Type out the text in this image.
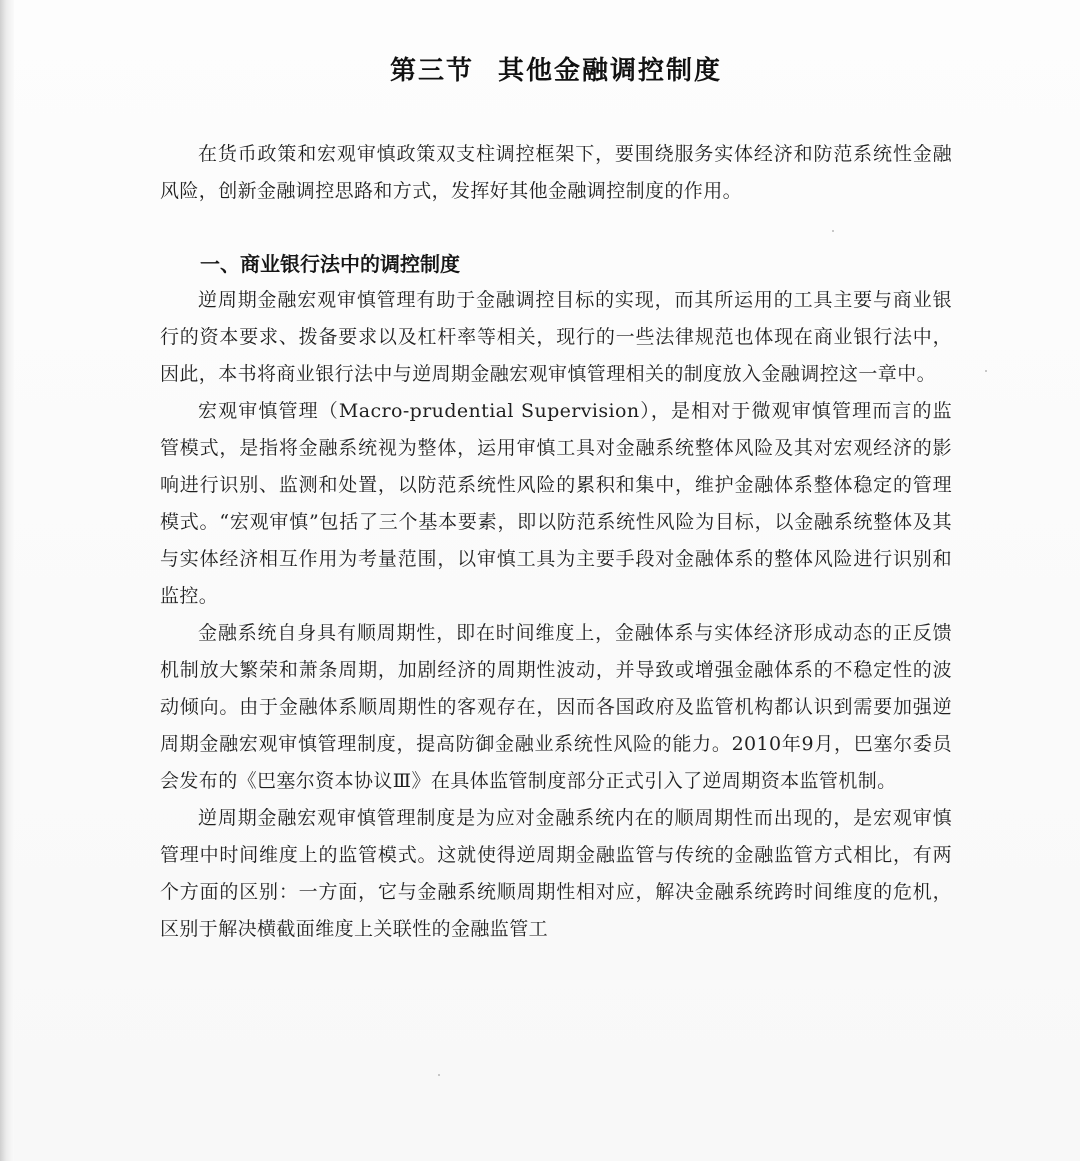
第三节 其他金融调控制度

在货币政策和宏观审慎政策双支柱调控框架下，要围绕服务实体经济和防范系统性金融风险，创新金融调控思路和方式，发挥好其他金融调控制度的作用。

一、商业银行法中的调控制度

逆周期金融宏观审慎管理有助于金融调控目标的实现，而其所运用的工具主要与商业银行的资本要求、拨备要求以及杠杆率等相关，现行的一些法律规范也体现在商业银行法中，因此，本书将商业银行法中与逆周期金融宏观审慎管理相关的制度放入金融调控这一章中。

宏观审慎管理（Macro-prudential Supervision），是相对于微观审慎管理而言的监管模式，是指将金融系统视为整体，运用审慎工具对金融系统整体风险及其对宏观经济的影响进行识别、监测和处置，以防范系统性风险的累积和集中，维护金融体系整体稳定的管理模式。“宏观审慎”包括了三个基本要素，即以防范系统性风险为目标，以金融系统整体及其与实体经济相互作用为考量范围，以审慎工具为主要手段对金融体系的整体风险进行识别和监控。

金融系统自身具有顺周期性，即在时间维度上，金融体系与实体经济形成动态的正反馈机制放大繁荣和萧条周期，加剧经济的周期性波动，并导致或增强金融体系的不稳定性的波动倾向。由于金融体系顺周期性的客观存在，因而各国政府及监管机构都认识到需要加强逆周期金融宏观审慎管理制度，提高防御金融业系统性风险的能力。2010年9月，巴塞尔委员会发布的《巴塞尔资本协议Ⅲ》在具体监管制度部分正式引入了逆周期资本监管机制。

逆周期金融宏观审慎管理制度是为应对金融系统内在的顺周期性而出现的，是宏观审慎管理中时间维度上的监管模式。这就使得逆周期金融监管与传统的金融监管方式相比，有两个方面的区别：一方面，它与金融系统顺周期性相对应，解决金融系统跨时间维度的危机，区别于解决横截面维度上关联性的金融监管工
